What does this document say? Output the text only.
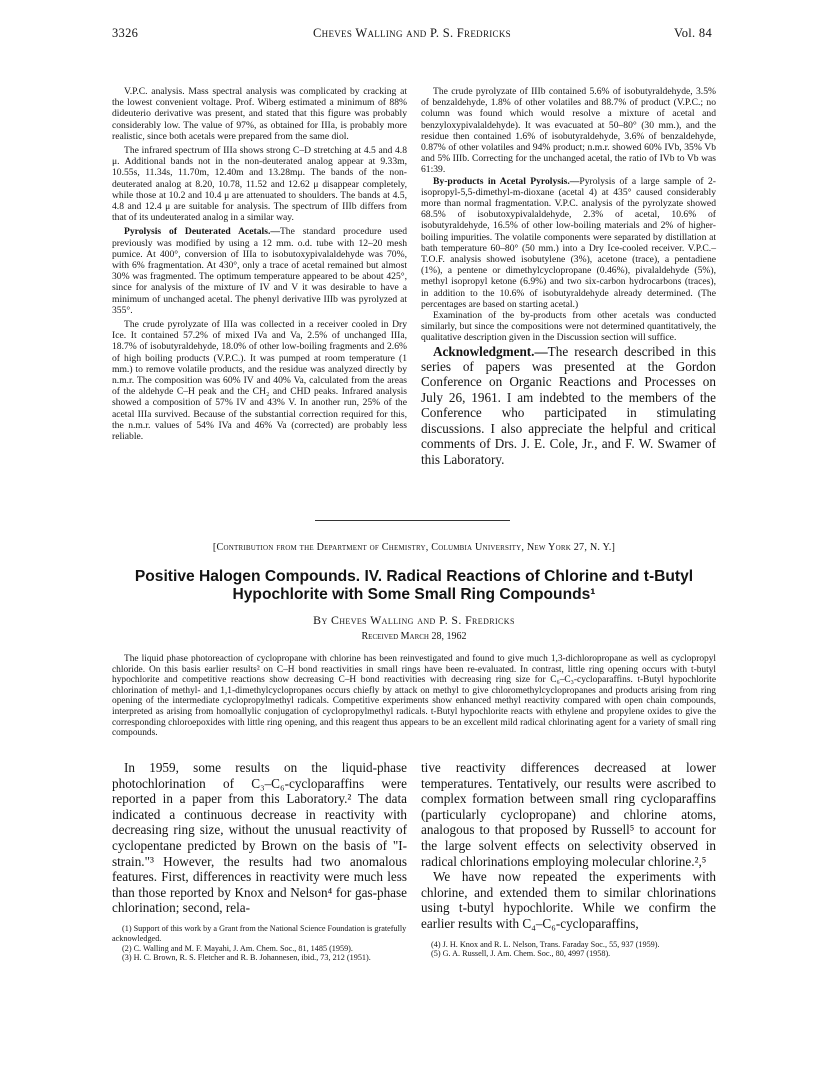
3326	Cheves Walling and P. S. Fredricks	Vol. 84

V.P.C. analysis. Mass spectral analysis was complicated by cracking at the lowest convenient voltage. Prof. Wiberg estimated a minimum of 88% dideuterio derivative was present, and stated that this figure was probably considerably low. The value of 97%, as obtained for IIIa, is probably more realistic, since both acetals were prepared from the same diol.

The infrared spectrum of IIIa shows strong C–D stretching at 4.5 and 4.8 μ. Additional bands not in the non-deuterated analog appear at 9.33m, 10.55s, 11.34s, 11.70m, 12.40m and 13.28mμ. The bands of the non-deuterated analog at 8.20, 10.78, 11.52 and 12.62 μ disappear completely, while those at 10.2 and 10.4 μ are attenuated to shoulders. The bands at 4.5, 4.8 and 12.4 μ are suitable for analysis. The spectrum of IIIb differs from that of its undeuterated analog in a similar way.

Pyrolysis of Deuterated Acetals.—The standard procedure used previously was modified by using a 12 mm. o.d. tube with 12–20 mesh pumice. At 400°, conversion of IIIa to isobutoxypivalaldehyde was 70%, with 6% fragmentation. At 430°, only a trace of acetal remained but almost 30% was fragmented. The optimum temperature appeared to be about 425°, since for analysis of the mixture of IV and V it was desirable to have a minimum of unchanged acetal. The phenyl derivative IIIb was pyrolyzed at 355°.

The crude pyrolyzate of IIIa was collected in a receiver cooled in Dry Ice. It contained 57.2% of mixed IVa and Va, 2.5% of unchanged IIIa, 18.7% of isobutyraldehyde, 18.0% of other low-boiling fragments and 2.6% of high boiling products (V.P.C.). It was pumped at room temperature (1 mm.) to remove volatile products, and the residue was analyzed directly by n.m.r. The composition was 60% IV and 40% Va, calculated from the areas of the aldehyde C–H peak and the CH₂ and CHD peaks. Infrared analysis showed a composition of 57% IV and 43% V. In another run, 25% of the acetal IIIa survived. Because of the substantial correction required for this, the n.m.r. values of 54% IVa and 46% Va (corrected) are probably less reliable.

The crude pyrolyzate of IIIb contained 5.6% of isobutyraldehyde, 3.5% of benzaldehyde, 1.8% of other volatiles and 88.7% of product (V.P.C.; no column was found which would resolve a mixture of acetal and benzyloxypivalaldehyde). It was evacuated at 50–80° (30 mm.), and the residue then contained 1.6% of isobutyraldehyde, 3.6% of benzaldehyde, 0.87% of other volatiles and 94% product; n.m.r. showed 60% IVb, 35% Vb and 5% IIIb. Correcting for the unchanged acetal, the ratio of IVb to Vb was 61:39.

By-products in Acetal Pyrolysis.—Pyrolysis of a large sample of 2-isopropyl-5,5-dimethyl-m-dioxane (acetal 4) at 435° caused considerably more than normal fragmentation. V.P.C. analysis of the pyrolyzate showed 68.5% of isobutoxypivalaldehyde, 2.3% of acetal, 10.6% of isobutyraldehyde, 16.5% of other low-boiling materials and 2% of higher-boiling impurities. The volatile components were separated by distillation at bath temperature 60–80° (50 mm.) into a Dry Ice-cooled receiver. V.P.C.–T.O.F. analysis showed isobutylene (3%), acetone (trace), a pentadiene (1%), a pentene or dimethylcyclopropane (0.46%), pivalaldehyde (5%), methyl isopropyl ketone (6.9%) and two six-carbon hydrocarbons (traces), in addition to the 10.6% of isobutyraldehyde already determined. (The percentages are based on starting acetal.)

Examination of the by-products from other acetals was conducted similarly, but since the compositions were not determined quantitatively, the qualitative description given in the Discussion section will suffice.

Acknowledgment.—The research described in this series of papers was presented at the Gordon Conference on Organic Reactions and Processes on July 26, 1961. I am indebted to the members of the Conference who participated in stimulating discussions. I also appreciate the helpful and critical comments of Drs. J. E. Cole, Jr., and F. W. Swamer of this Laboratory.

[Contribution from the Department of Chemistry, Columbia University, New York 27, N. Y.]
Positive Halogen Compounds. IV. Radical Reactions of Chlorine and t-Butyl Hypochlorite with Some Small Ring Compounds¹
By Cheves Walling and P. S. Fredricks
Received March 28, 1962

The liquid phase photoreaction of cyclopropane with chlorine has been reinvestigated and found to give much 1,3-dichloropropane as well as cyclopropyl chloride. On this basis earlier results² on C–H bond reactivities in small rings have been re-evaluated. In contrast, little ring opening occurs with t-butyl hypochlorite and competitive reactions show decreasing C–H bond reactivities with decreasing ring size for C₆–C₃-cycloparaffins. t-Butyl hypochlorite chlorination of methyl- and 1,1-dimethylcyclopropanes occurs chiefly by attack on methyl to give chloromethylcyclopropanes and products arising from ring opening of the intermediate cyclopropylmethyl radicals. Competitive experiments show enhanced methyl reactivity compared with open chain compounds, interpreted as arising from homoallylic conjugation of cyclopropylmethyl radicals. t-Butyl hypochlorite reacts with ethylene and propylene oxides to give the corresponding chloroepoxides with little ring opening, and this reagent thus appears to be an excellent mild radical chlorinating agent for a variety of small ring compounds.

In 1959, some results on the liquid-phase photochlorination of C₃–C₆-cycloparaffins were reported in a paper from this Laboratory.² The data indicated a continuous decrease in reactivity with decreasing ring size, without the unusual reactivity of cyclopentane predicted by Brown on the basis of "I-strain."³ However, the results had two anomalous features. First, differences in reactivity were much less than those reported by Knox and Nelson⁴ for gas-phase chlorination; second, rela-

(1) Support of this work by a Grant from the National Science Foundation is gratefully acknowledged.

(2) C. Walling and M. F. Mayahi, J. Am. Chem. Soc., 81, 1485 (1959).

(3) H. C. Brown, R. S. Fletcher and R. B. Johannesen, ibid., 73, 212 (1951).

tive reactivity differences decreased at lower temperatures. Tentatively, our results were ascribed to complex formation between small ring cycloparaffins (particularly cyclopropane) and chlorine atoms, analogous to that proposed by Russell⁵ to account for the large solvent effects on selectivity observed in radical chlorinations employing molecular chlorine.²,⁵

We have now repeated the experiments with chlorine, and extended them to similar chlorinations using t-butyl hypochlorite. While we confirm the earlier results with C₄–C₆-cycloparaffins,

(4) J. H. Knox and R. L. Nelson, Trans. Faraday Soc., 55, 937 (1959).

(5) G. A. Russell, J. Am. Chem. Soc., 80, 4997 (1958).
